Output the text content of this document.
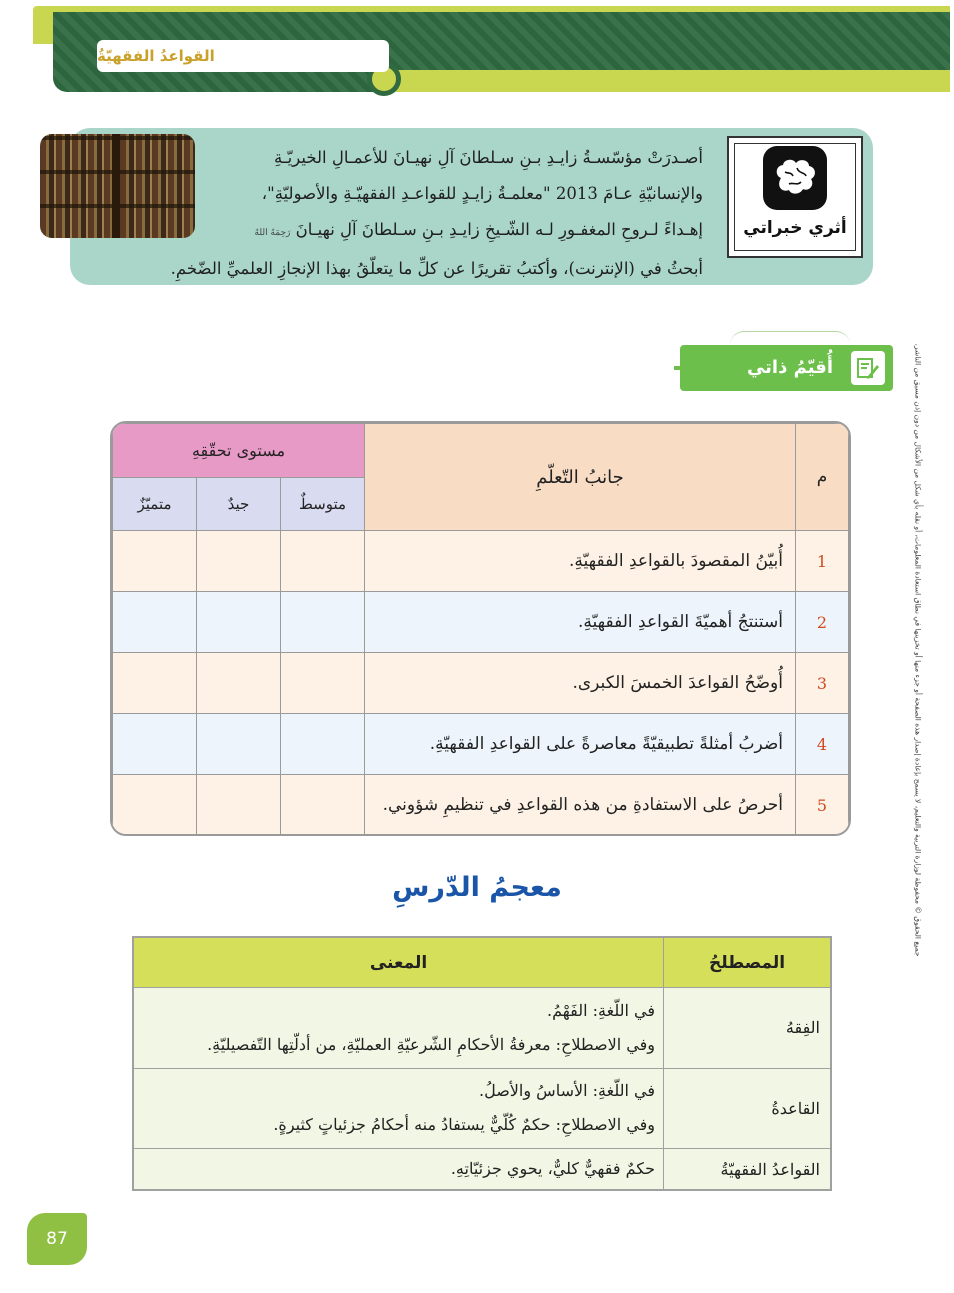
القواعدُ الفقهيّةُ
أثري خبراتي

أصـدرَتْ مؤسّسـةُ زايـدِ بـنِ سـلطانَ آلِ نهيـانَ للأعمـالِ الخيريّـةِ

والإنسانيّةِ عـامَ 2013 "معلمـةُ زايـدٍ للقواعـدِ الفقهيّـةِ والأصوليّةِ"،

إهـداءً لـروحِ المغفـورِ لـه الشّـيخِ زايـدِ بـنِ سـلطانَ آلِ نهيـانَ رَحِمَهُ اللهُ

أبحثُ في (الإنترنت)، وأكتبُ تقريرًا عن كلِّ ما يتعلّقُ بهذا الإنجازِ العلميِّ الضّخمِ.

أُقيّمُ ذاتي
م	جانبُ التّعلّمِ	مستوى تحقّقِهِ		
		متوسطٌ	جيدٌ	متميّزٌ
1	أُبيّنُ المقصودَ بالقواعدِ الفقهيّةِ.			
2	أستنتجُ أهميّةَ القواعدِ الفقهيّةِ.			
3	أُوضّحُ القواعدَ الخمسَ الكبرى.			
4	أضربُ أمثلةً تطبيقيّةً معاصرةً على القواعدِ الفقهيّةِ.			
5	أحرصُ على الاستفادةِ من هذه القواعدِ في تنظيمِ شؤوني.			
معجمُ الدّرسِ
المصطلحُ	المعنى
الفِقهُ	في اللّغةِ: الفَهْمُ.
وفي الاصطلاحِ: معرفةُ الأحكامِ الشّرعيّةِ العمليّةِ، من أدلّتِها التّفصيليّةِ.

القاعدةُ	في اللّغةِ: الأساسُ والأصلُ.
وفي الاصطلاحِ: حكمٌ كُلّيٌّ يستفادُ منه أحكامُ جزئياتٍ كثيرةٍ.

القواعدُ الفقهيّةُ	حكمٌ فقهيٌّ كليٌّ، يحوي جزئيّاتِهِ.
جميع الحقوق © محفوظة لوزارة التربية والتعليم، لا يسمح بإعادة إصدار هذه الصفحة أو جزء منها أو تخزينها في نطاق استعادة المعلومات، أو نقله بأي شكل من الأشكال من دون إذن مسبق من الناشر.
87
